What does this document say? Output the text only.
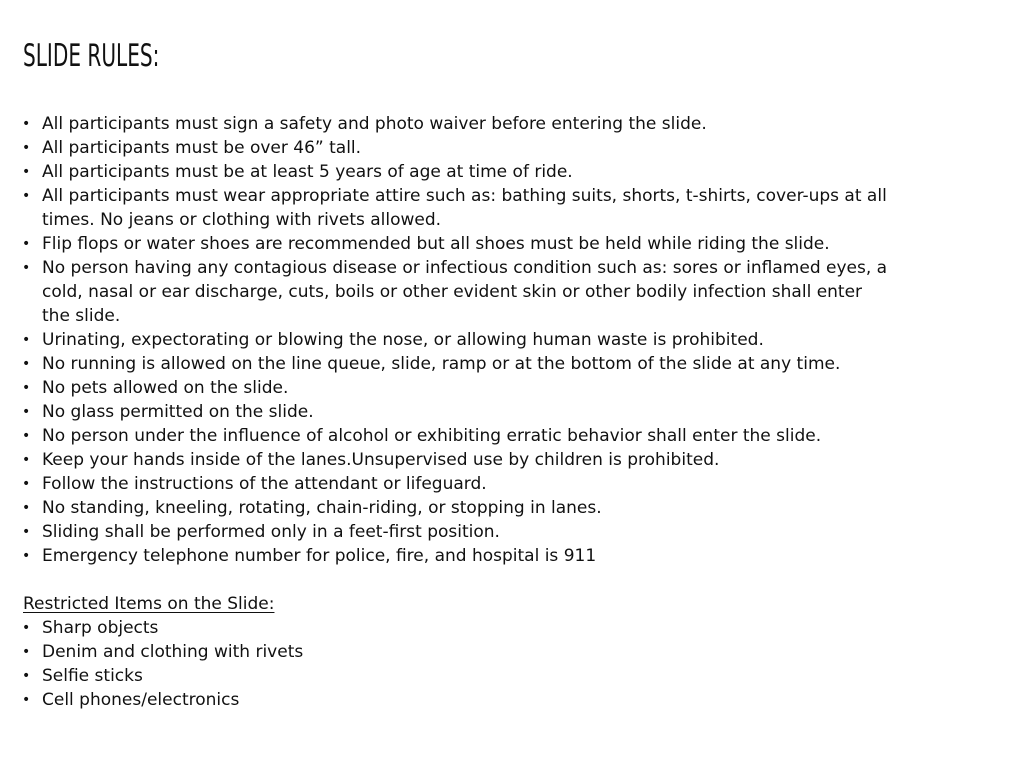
SLIDE RULES:
• All participants must sign a safety and photo waiver before entering the slide.
• All participants must be over 46” tall.
• All participants must be at least 5 years of age at time of ride.
• All participants must wear appropriate attire such as: bathing suits, shorts, t-shirts, cover-ups at all
times. No jeans or clothing with rivets allowed.
• Flip flops or water shoes are recommended but all shoes must be held while riding the slide.
• No person having any contagious disease or infectious condition such as: sores or inflamed eyes, a
cold, nasal or ear discharge, cuts, boils or other evident skin or other bodily infection shall enter
the slide.
• Urinating, expectorating or blowing the nose, or allowing human waste is prohibited.
• No running is allowed on the line queue, slide, ramp or at the bottom of the slide at any time.
• No pets allowed on the slide.
• No glass permitted on the slide.
• No person under the influence of alcohol or exhibiting erratic behavior shall enter the slide.
• Keep your hands inside of the lanes.Unsupervised use by children is prohibited.
• Follow the instructions of the attendant or lifeguard.
• No standing, kneeling, rotating, chain-riding, or stopping in lanes.
• Sliding shall be performed only in a feet-first position.
• Emergency telephone number for police, fire, and hospital is 911

Restricted Items on the Slide:

• Sharp objects
• Denim and clothing with rivets
• Selfie sticks
• Cell phones/electronics
